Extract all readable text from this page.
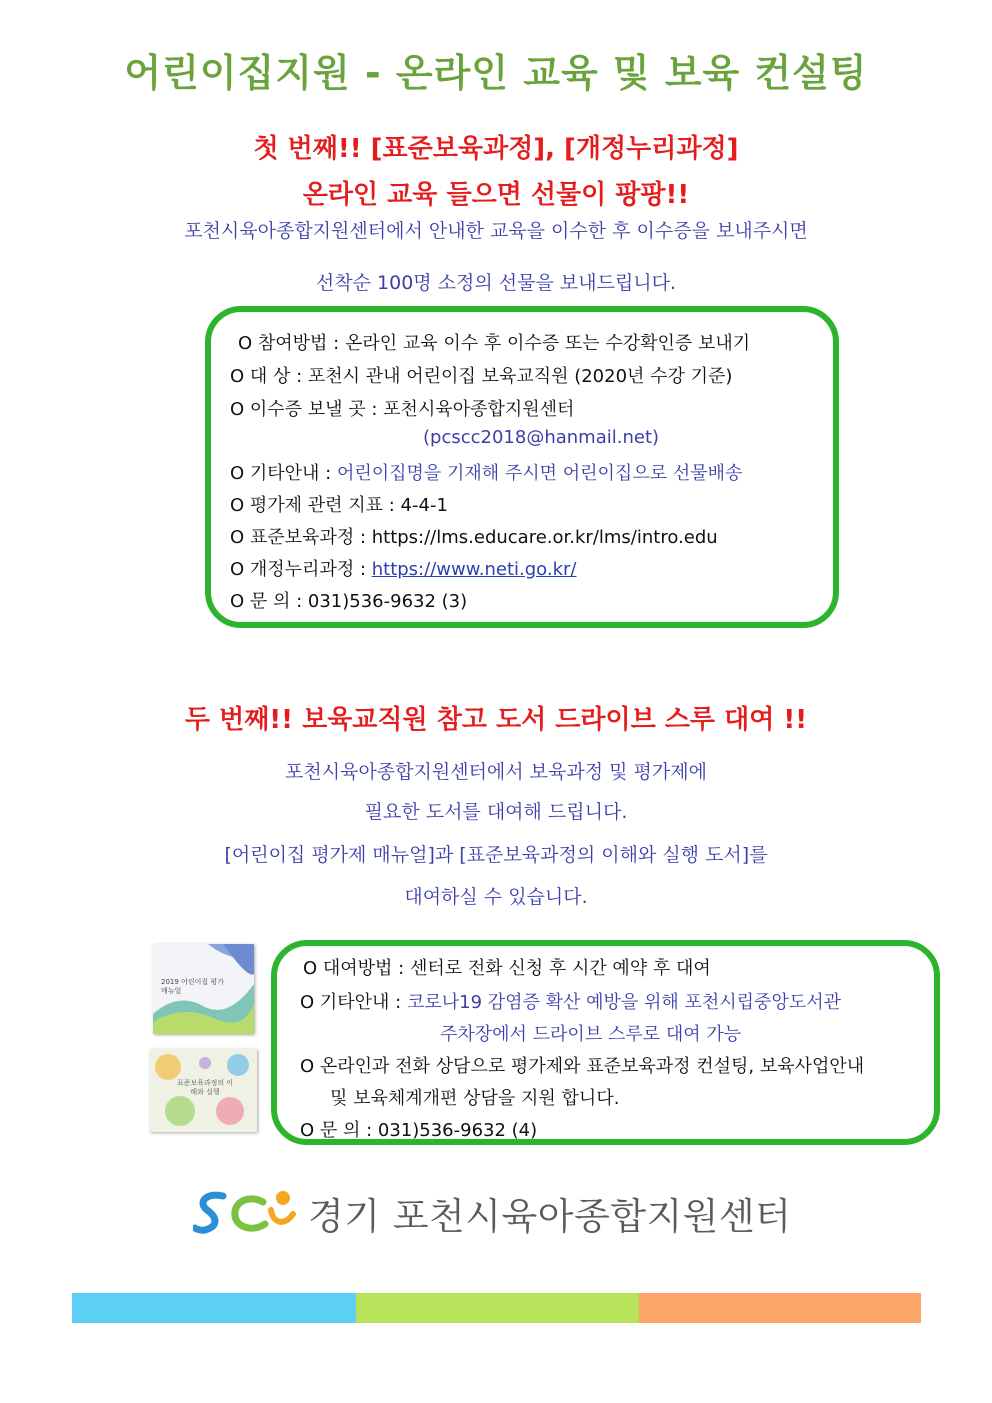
어린이집지원 - 온라인 교육 및 보육 컨설팅
첫 번째!! [표준보육과정], [개정누리과정]
온라인 교육 들으면 선물이 팡팡!!
포천시육아종합지원센터에서 안내한 교육을 이수한 후 이수증을 보내주시면
선착순 100명 소정의 선물을 보내드립니다.
O 참여방법 : 온라인 교육 이수 후 이수증 또는 수강확인증 보내기
O 대 상 : 포천시 관내 어린이집 보육교직원 (2020년 수강 기준)
O 이수증 보낼 곳 : 포천시육아종합지원센터
(pcscc2018@hanmail.net)
O 기타안내 : 어린이집명을 기재해 주시면 어린이집으로 선물배송
O 평가제 관련 지표 : 4-4-1
O 표준보육과정 : https://lms.educare.or.kr/lms/intro.edu
O 개정누리과정 : https://www.neti.go.kr/
O 문 의 : 031)536-9632 (3)
두 번째!! 보육교직원 참고 도서 드라이브 스루 대여 !!
포천시육아종합지원센터에서 보육과정 및 평가제에
필요한 도서를 대여해 드립니다.
[어린이집 평가제 매뉴얼]과 [표준보육과정의 이해와 실행 도서]를
대여하실 수 있습니다.
2019 어린이집 평가 매뉴얼
표준보육과정의 이해와 실행
O 대여방법 : 센터로 전화 신청 후 시간 예약 후 대여
O 기타안내 : 코로나19 감염증 확산 예방을 위해 포천시립중앙도서관
주차장에서 드라이브 스루로 대여 가능
O 온라인과 전화 상담으로 평가제와 표준보육과정 컨설팅, 보육사업안내
및 보육체계개편 상담을 지원 합니다.
O 문 의 : 031)536-9632 (4)
경기 포천시육아종합지원센터
